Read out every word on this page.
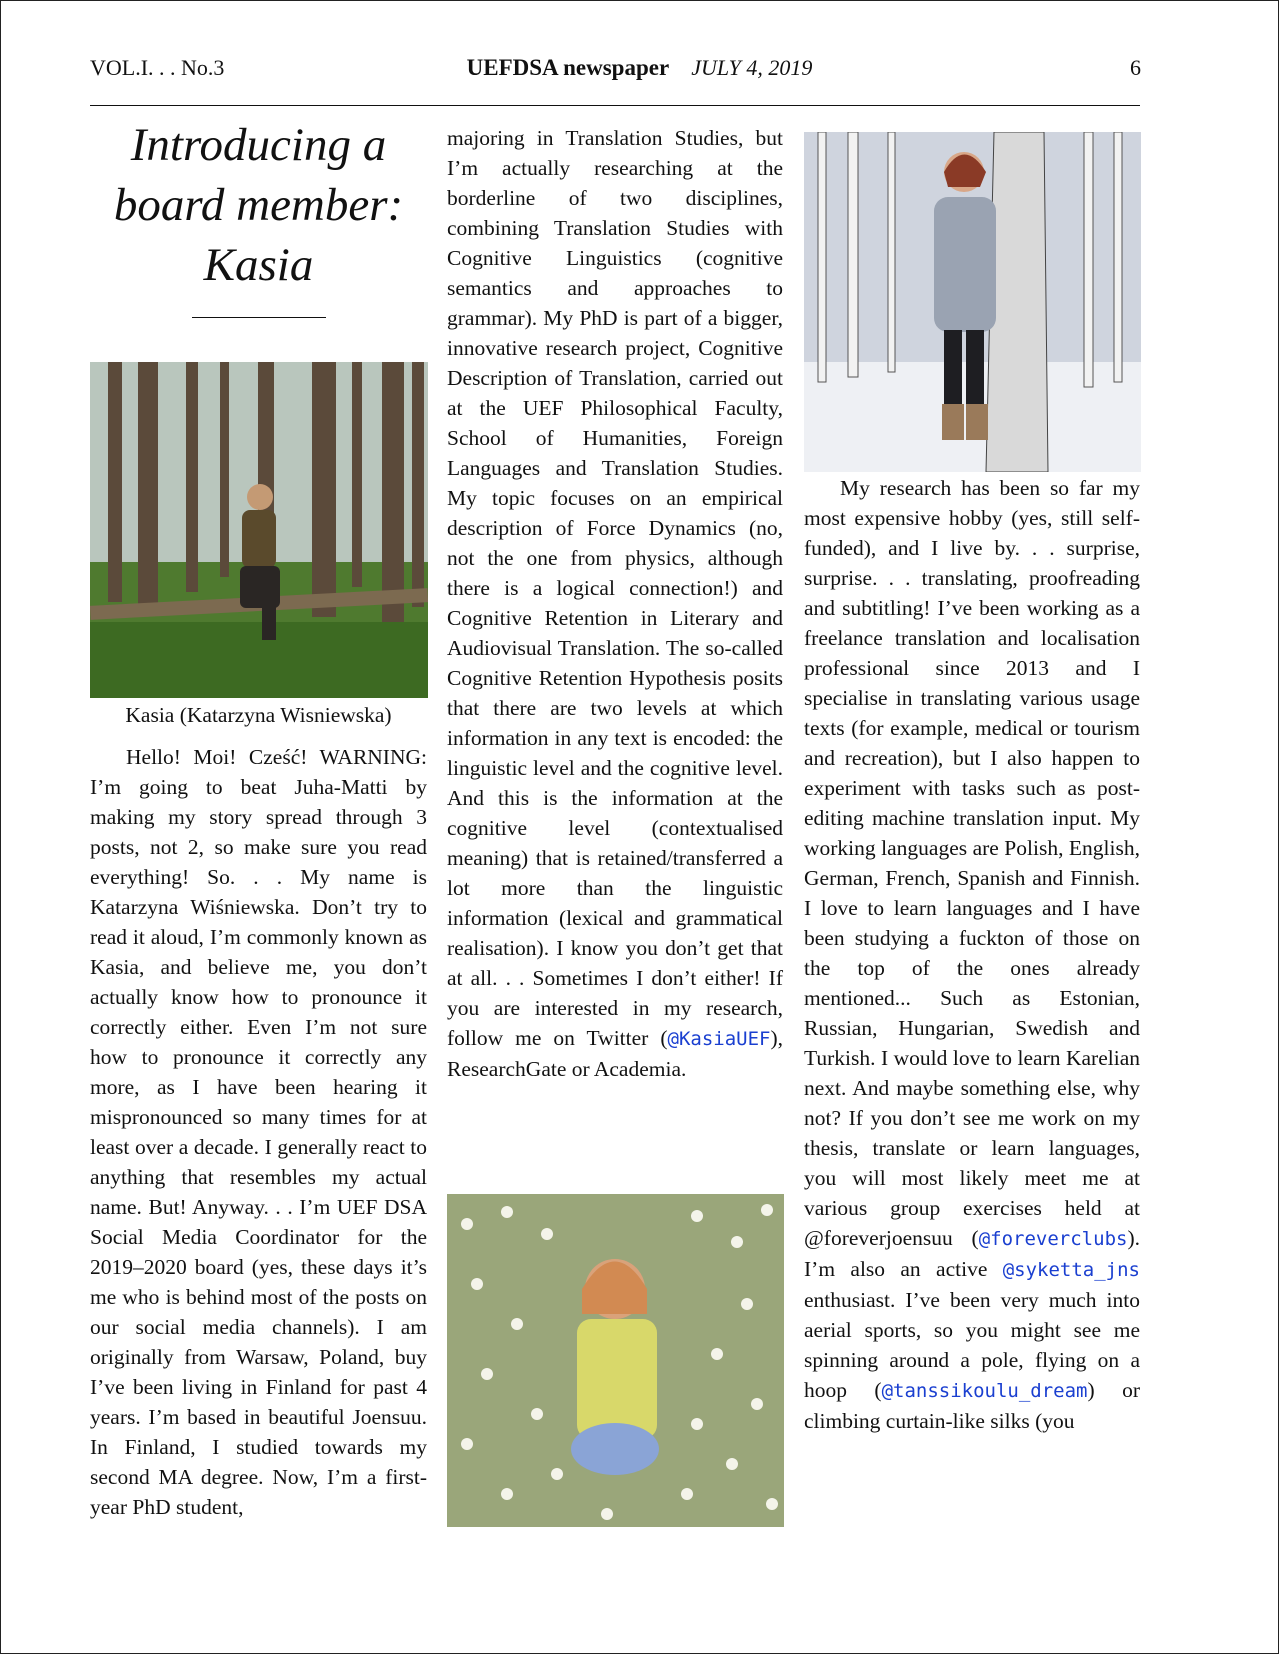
VOL.I. . . No.3	UEFDSA newspaper JULY 4, 2019	6
Introducing a
board member:
Kasia
Kasia (Katarzyna Wisniewska)

Hello! Moi! Cześć! WARNING: I’m going to beat Juha-Matti by making my story spread through 3 posts, not 2, so make sure you read everything! So. . . My name is Katarzyna Wiśniewska. Don’t try to read it aloud, I’m commonly known as Kasia, and believe me, you don’t actually know how to pronounce it correctly either. Even I’m not sure how to pronounce it correctly any more, as I have been hearing it mispronounced so many times for at least over a decade. I generally react to anything that resembles my actual name. But! Anyway. . . I’m UEF DSA Social Media Coordinator for the 2019–2020 board (yes, these days it’s me who is behind most of the posts on our social media channels). I am originally from Warsaw, Poland, buy I’ve been living in Finland for past 4 years. I’m based in beautiful Joensuu. In Finland, I studied towards my second MA degree. Now, I’m a first-year PhD student,

majoring in Translation Studies, but I’m actually researching at the borderline of two disciplines, combining Translation Studies with Cognitive Linguistics (cognitive semantics and approaches to grammar). My PhD is part of a bigger, innovative research project, Cognitive Description of Translation, carried out at the UEF Philosophical Faculty, School of Humanities, Foreign Languages and Translation Studies. My topic focuses on an empirical description of Force Dynamics (no, not the one from physics, although there is a logical connection!) and Cognitive Retention in Literary and Audiovisual Translation. The so-called Cognitive Retention Hypothesis posits that there are two levels at which information in any text is encoded: the linguistic level and the cognitive level. And this is the information at the cognitive level (contextualised meaning) that is retained/transferred a lot more than the linguistic information (lexical and grammatical realisation). I know you don’t get that at all. . . Sometimes I don’t either! If you are interested in my research, follow me on Twitter (@KasiaUEF), ResearchGate or Academia.

My research has been so far my most expensive hobby (yes, still self-funded), and I live by. . . surprise, surprise. . . translating, proofreading and subtitling! I’ve been working as a freelance translation and localisation professional since 2013 and I specialise in translating various usage texts (for example, medical or tourism and recreation), but I also happen to experiment with tasks such as post-editing machine translation input. My working languages are Polish, English, German, French, Spanish and Finnish. I love to learn languages and I have been studying a fuckton of those on the top of the ones already mentioned... Such as Estonian, Russian, Hungarian, Swedish and Turkish. I would love to learn Karelian next. And maybe something else, why not? If you don’t see me work on my thesis, translate or learn languages, you will most likely meet me at various group exercises held at @foreverjoensuu (@foreverclubs). I’m also an active @syketta_jns enthusiast. I’ve been very much into aerial sports, so you might see me spinning around a pole, flying on a hoop (@tanssikoulu_dream) or climbing curtain-like silks (you
